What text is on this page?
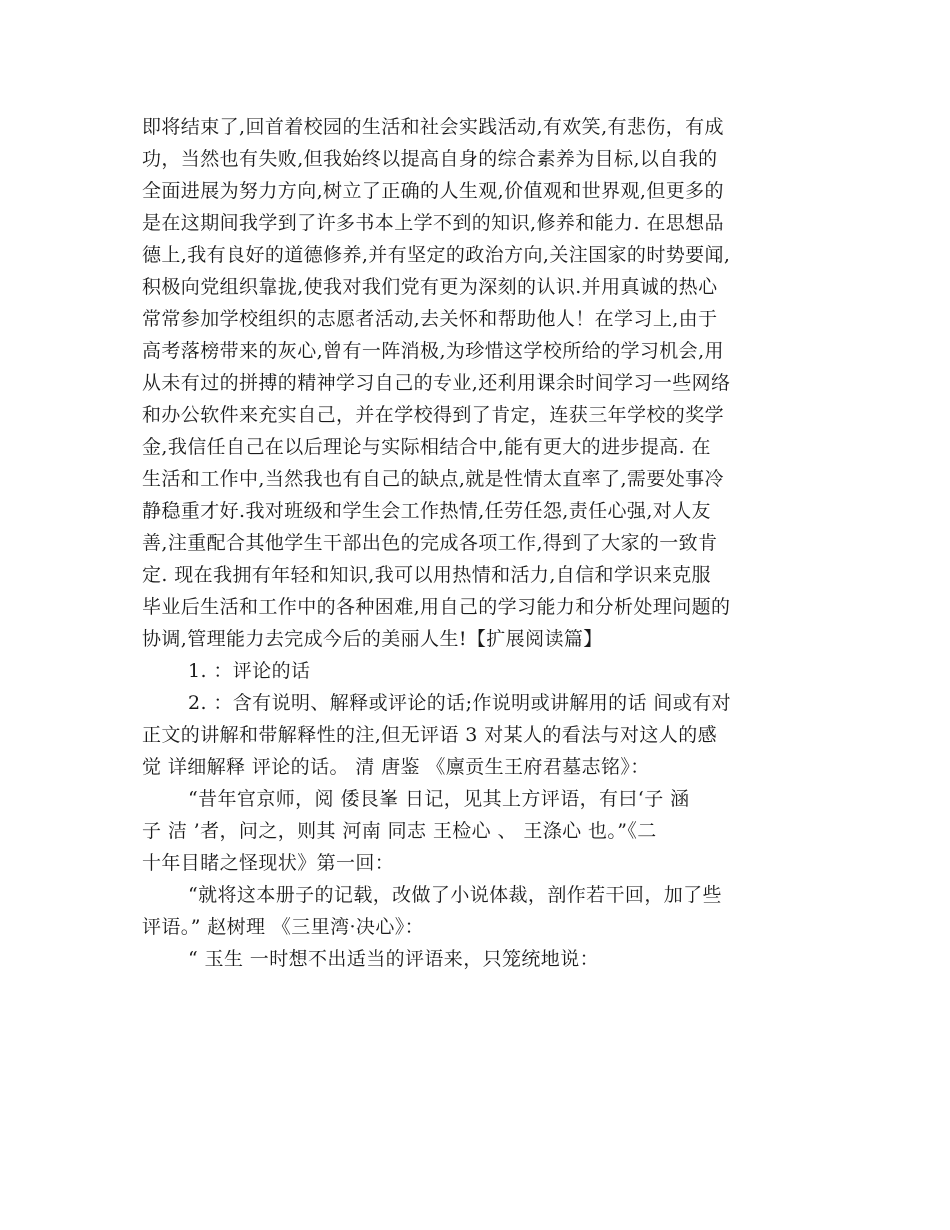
即将结束了,回首着校园的生活和社会实践活动,有欢笑,有悲伤，有成
功，当然也有失败,但我始终以提高自身的综合素养为目标,以自我的
全面进展为努力方向,树立了正确的人生观,价值观和世界观,但更多的
是在这期间我学到了许多书本上学不到的知识,修养和能力. 在思想品
德上,我有良好的道德修养,并有坚定的政治方向,关注国家的时势要闻,
积极向党组织靠拢,使我对我们党有更为深刻的认识.并用真诚的热心
常常参加学校组织的志愿者活动,去关怀和帮助他人！在学习上,由于
高考落榜带来的灰心,曾有一阵消极,为珍惜这学校所给的学习机会,用
从未有过的拼搏的精神学习自己的专业,还利用课余时间学习一些网络
和办公软件来充实自己，并在学校得到了肯定，连获三年学校的奖学
金,我信任自己在以后理论与实际相结合中,能有更大的进步提高. 在
生活和工作中,当然我也有自己的缺点,就是性情太直率了,需要处事冷
静稳重才好.我对班级和学生会工作热情,任劳任怨,责任心强,对人友
善,注重配合其他学生干部出色的完成各项工作,得到了大家的一致肯
定. 现在我拥有年轻和知识,我可以用热情和活力,自信和学识来克服
毕业后生活和工作中的各种困难,用自己的学习能力和分析处理问题的
协调,管理能力去完成今后的美丽人生!【扩展阅读篇】
1. ：评论的话
2. ：含有说明、解释或评论的话;作说明或讲解用的话 间或有对
正文的讲解和带解释性的注,但无评语 3 对某人的看法与对这人的感
觉 详细解释 评论的话。 清 唐鉴 《廪贡生王府君墓志铭》：
“昔年官京师，阅 倭艮峯 日记，见其上方评语，有曰‘子 涵
子 洁 ’者，问之，则其 河南 同志 王检心 、 王涤心 也。”《二
十年目睹之怪现状》第一回：
“就将这本册子的记载，改做了小说体裁，剖作若干回，加了些
评语。” 赵树理 《三里湾·决心》：
“ 玉生 一时想不出适当的评语来，只笼统地说：
